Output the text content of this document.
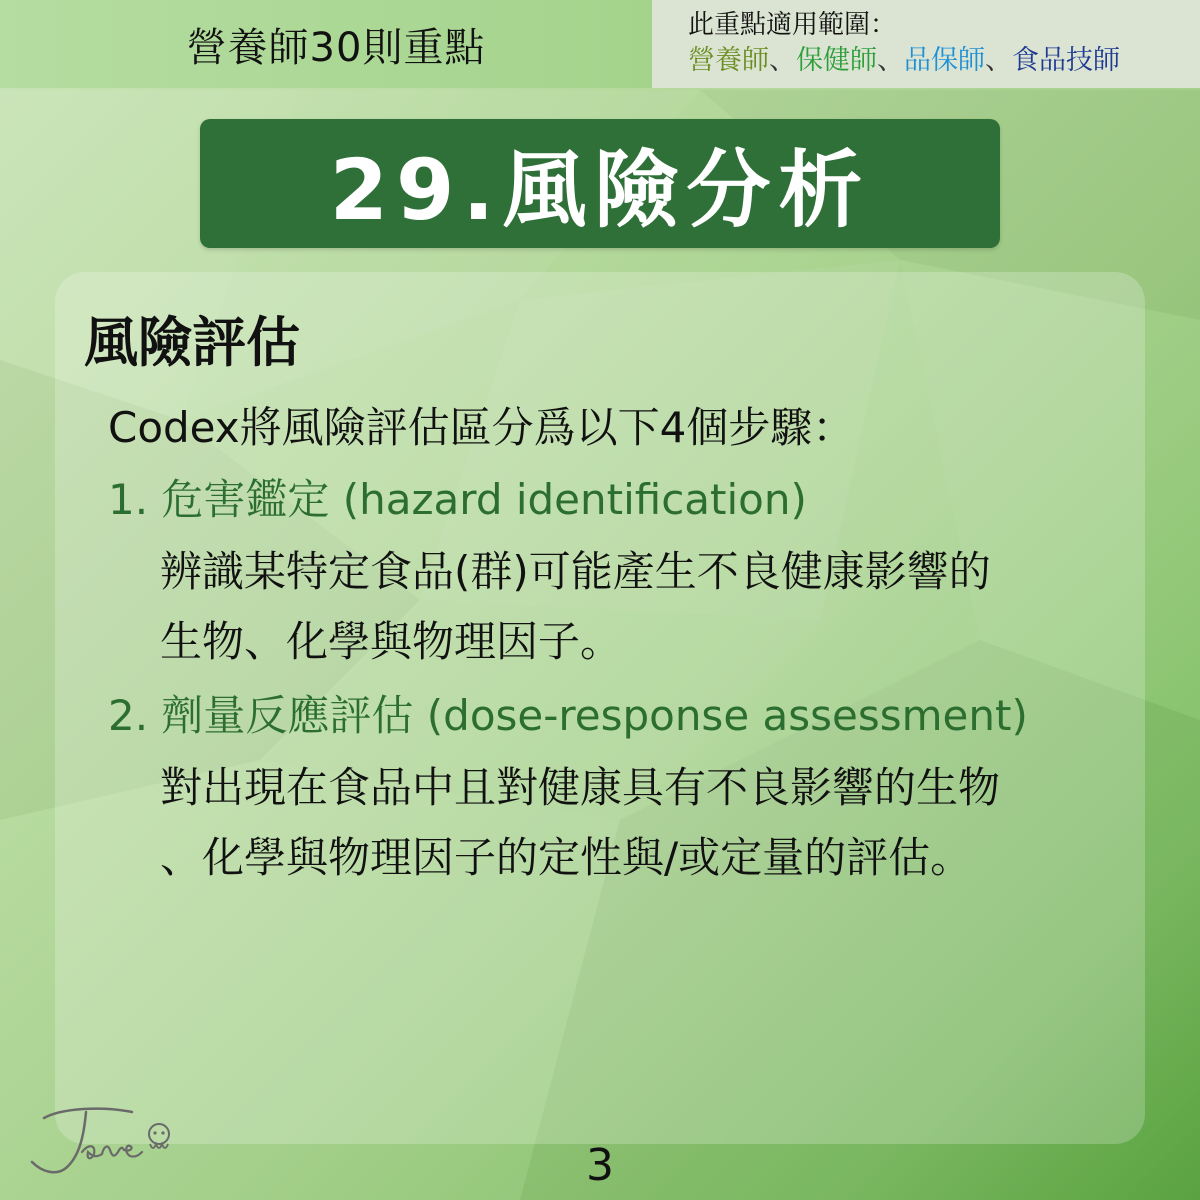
營養師30則重點	此重點適用範圍：
營養師、保健師、品保師、食品技師
29.風險分析
風險評估
Codex將風險評估區分爲以下4個步驟：
1. 危害鑑定 (hazard identification)
辨識某特定食品(群)可能產生不良健康影響的
生物、化學與物理因子。
2. 劑量反應評估 (dose-response assessment)
對出現在食品中且對健康具有不良影響的生物
、化學與物理因子的定性與/或定量的評估。
3
